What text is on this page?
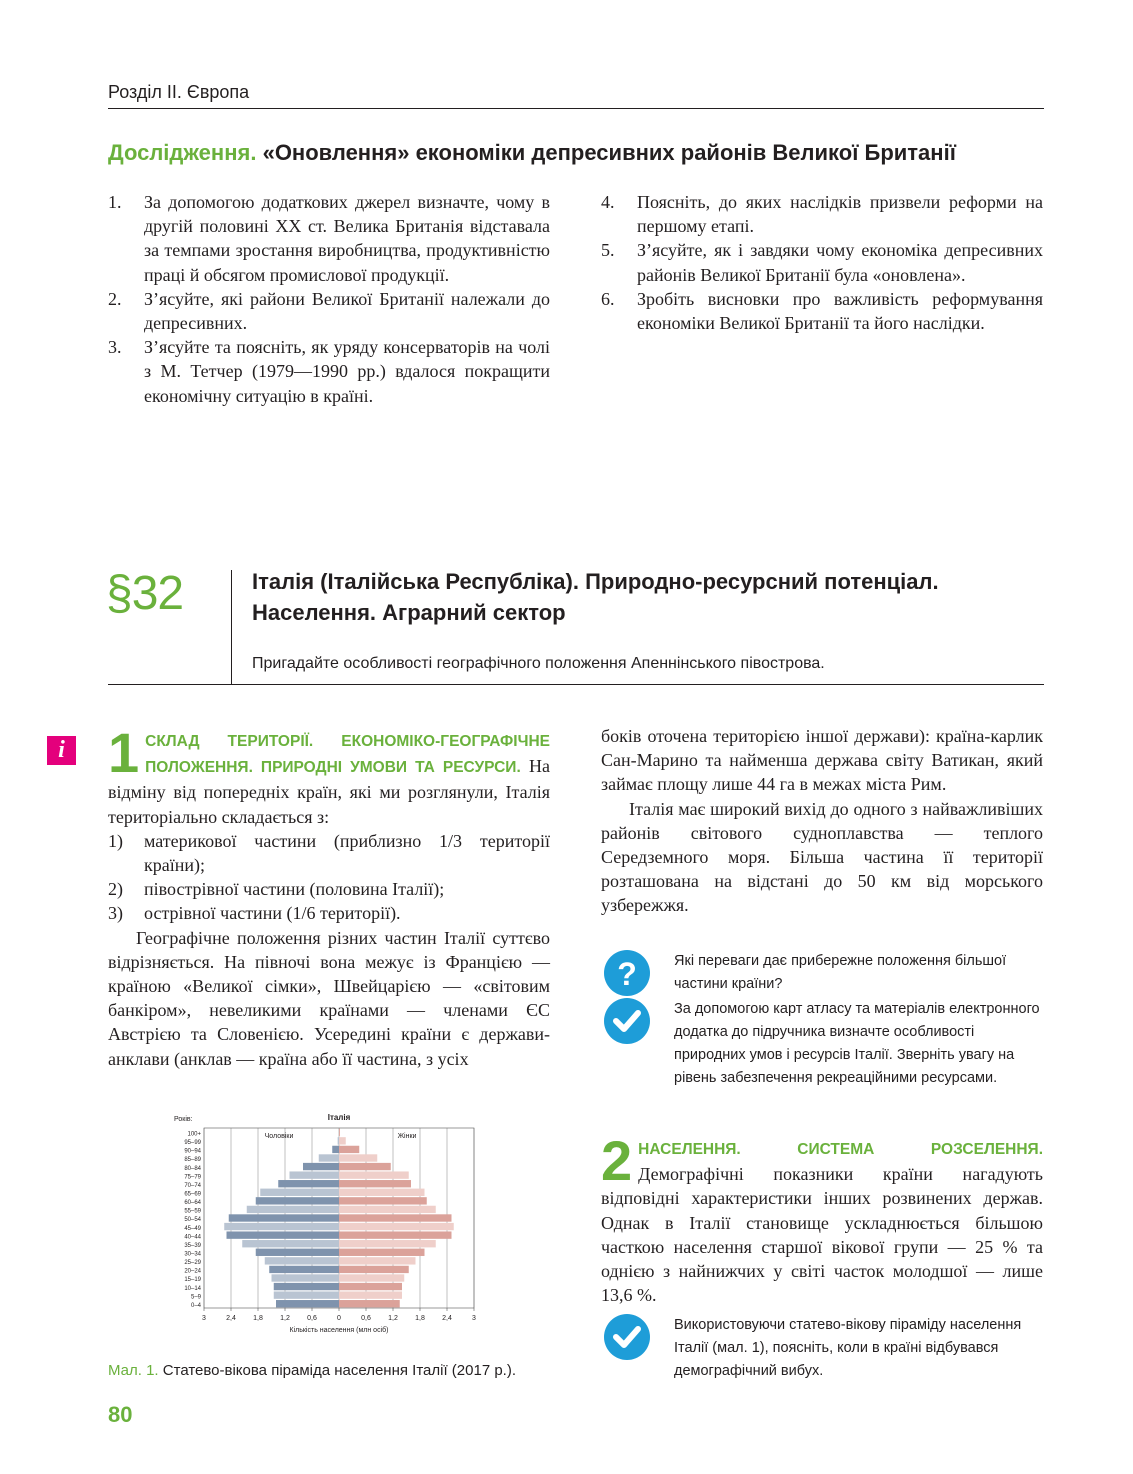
Розділ ІІ. Європа
Дослідження. «Оновлення» економіки депресивних районів Великої Британії
1.	За допомогою додаткових джерел визначте, чому в другій половині ХХ ст. Велика Британія відставала за темпами зростання виробництва, продуктивністю праці й обсягом промислової продукції.
2.	З’ясуйте, які райони Великої Британії належали до депресивних.
3.	З’ясуйте та поясніть, як уряду консерваторів на чолі з М. Тетчер (1979—1990 рр.) вдалося покращити економічну ситуацію в країні.
4.	Поясніть, до яких наслідків призвели реформи на першому етапі.
5.	З’ясуйте, як і завдяки чому економіка депресивних районів Великої Британії була «оновлена».
6.	Зробіть висновки про важливість реформування економіки Великої Британії та його наслідки.
§32	Італія (Італійська Республіка). Природно-ресурсний потенціал. Населення. Аграрний сектор
Пригадайте особливості географічного положення Апеннінського півострова.
i 1 СКЛАД ТЕРИТОРІЇ. ЕКОНОМІКО-ГЕОГРАФІЧНЕ ПОЛОЖЕННЯ. ПРИРОДНІ УМОВИ ТА РЕСУРСИ. На відміну від попередніх країн, які ми розглянули, Італія територіально складається з:

1)	материкової частини (приблизно 1/3 території країни);
2)	півострівної частини (половина Італії);
3)	острівної частини (1/6 території).

Географічне положення різних частин Італії суттєво відрізняється. На півночі вона межує із Францією — країною «Великої сімки», Швейцарією — «світовим банкіром», невеликими країнами — членами ЄС Австрією та Словенією. Усередині країни є держави-анклави (анклав — країна або її частина, з усіх

боків оточена територією іншої держави): країна-карлик Сан-Марино та найменша держава світу Ватикан, який займає площу лише 44 га в межах міста Рим.

Італія має широкий вихід до одного з найважливіших районів світового судноплавства — теплого Середземного моря. Більша частина її території розташована на відстані до 50 км від морського узбережжя.

?	Які переваги дає прибережне положення більшої частини країни?
За допомогою карт атласу та матеріалів електронного додатка до підручника визначте особливості природних умов і ресурсів Італії. Зверніть увагу на рівень забезпечення рекреаційними ресурсами.

2 НАСЕЛЕННЯ. СИСТЕМА РОЗСЕЛЕННЯ. Демографічні показники країни нагадують відповідні характеристики інших розвинених держав. Однак в Італії становище ускладнюється більшою часткою населення старшої вікової групи — 25 % та однією з найнижчих у світі часток молодшої — лише 13,6 %.

Використовуючи статево-вікову піраміду населення Італії (мал. 1), поясніть, коли в країні відбувався демографічний вибух.
3	2,4 1,8 1,2 0,6	0	0,6 1,2 1,8 2,4	3
0–4
5–9
10–14
15–19
20–24
25–29
30–34
35–39
40–44
45–49
50–54
55–59
60–64
65–69
70–74
75–79
80–84
85–89
90–94
95–99
100+
Років:	Італія
Чоловіки	Жінки
Кількість населення (млн осіб)
Мал. 1. Статево-вікова піраміда населення Італії (2017 р.).
80
